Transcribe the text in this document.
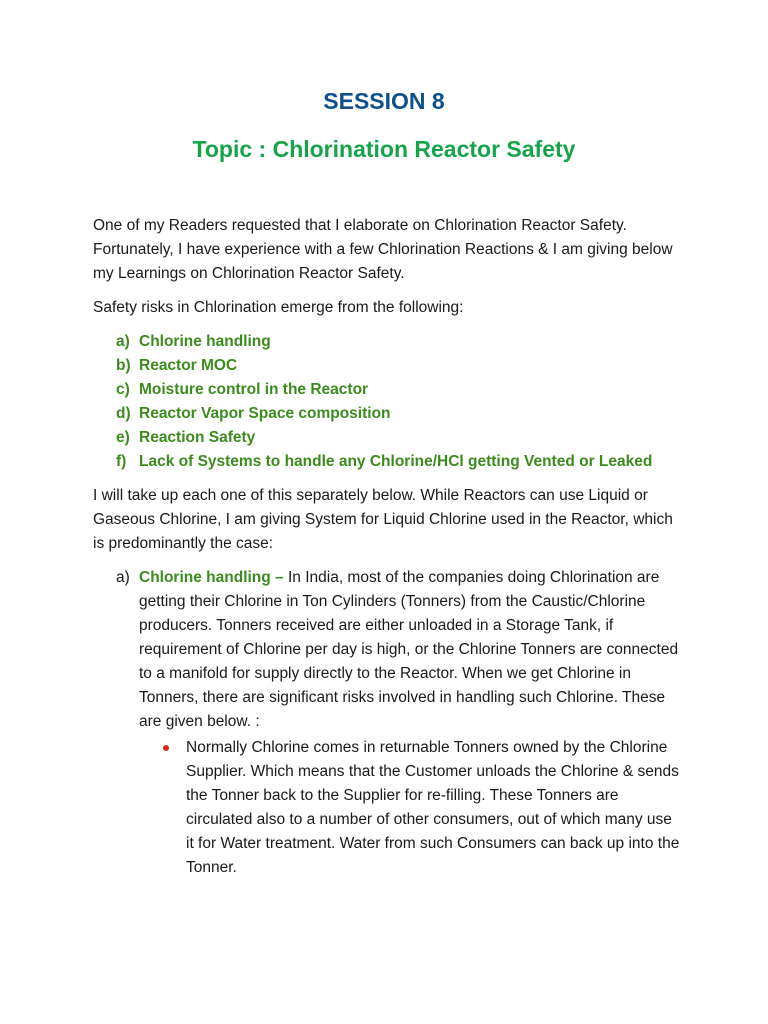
SESSION 8
Topic : Chlorination Reactor Safety

One of my Readers requested that I elaborate on Chlorination Reactor Safety. Fortunately, I have experience with a few Chlorination Reactions & I am giving below my Learnings on Chlorination Reactor Safety.

Safety risks in Chlorination emerge from the following:

a) Chlorine handling
b) Reactor MOC
c) Moisture control in the Reactor
d) Reactor Vapor Space composition
e) Reaction Safety
f) Lack of Systems to handle any Chlorine/HCl getting Vented or Leaked

I will take up each one of this separately below. While Reactors can use Liquid or Gaseous Chlorine, I am giving System for Liquid Chlorine used in the Reactor, which is predominantly the case:

a) Chlorine handling – In India, most of the companies doing Chlorination are getting their Chlorine in Ton Cylinders (Tonners) from the Caustic/Chlorine producers. Tonners received are either unloaded in a Storage Tank, if requirement of Chlorine per day is high, or the Chlorine Tonners are connected to a manifold for supply directly to the Reactor. When we get Chlorine in Tonners, there are significant risks involved in handling such Chlorine. These are given below. :
Normally Chlorine comes in returnable Tonners owned by the Chlorine Supplier. Which means that the Customer unloads the Chlorine & sends the Tonner back to the Supplier for re-filling. These Tonners are circulated also to a number of other consumers, out of which many use it for Water treatment. Water from such Consumers can back up into the Tonner.
